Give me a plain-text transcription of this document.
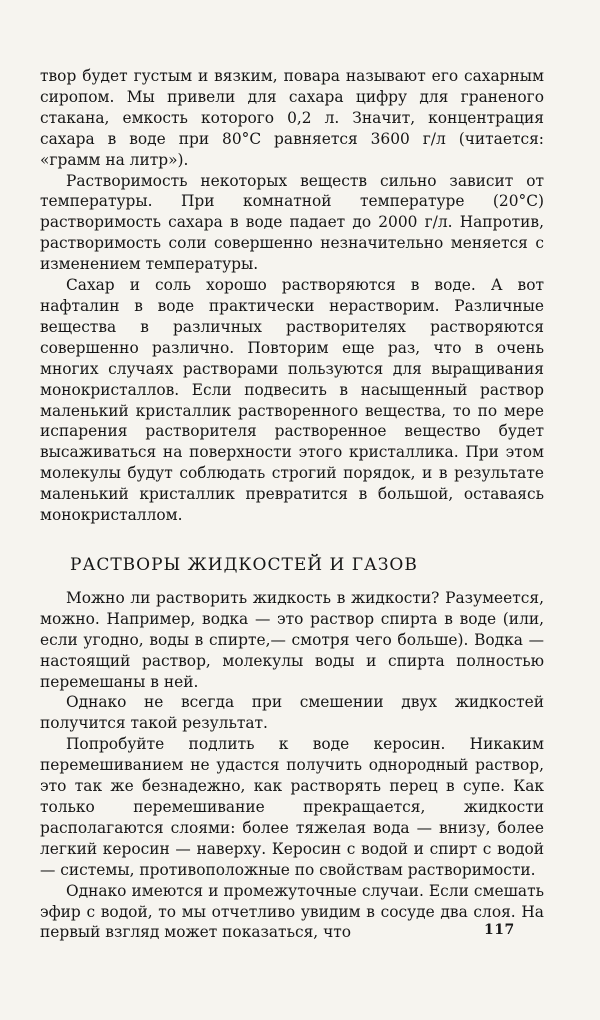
твор будет густым и вязким, повара называют его сахарным сиропом. Мы привели для сахара цифру для граненого стакана, емкость которого 0,2 л. Значит, концентрация сахара в воде при 80°C равняется 3600 г/л (читается: «грамм на литр»).

Растворимость некоторых веществ сильно зависит от температуры. При комнатной температуре (20°C) растворимость сахара в воде падает до 2000 г/л. Напротив, растворимость соли совершенно незначительно меняется с изменением температуры.

Сахар и соль хорошо растворяются в воде. А вот нафталин в воде практически нерастворим. Различные вещества в различных растворителях растворяются совершенно различно. Повторим еще раз, что в очень многих случаях растворами пользуются для выращивания монокристаллов. Если подвесить в насыщенный раствор маленький кристаллик растворенного вещества, то по мере испарения растворителя растворенное вещество будет высаживаться на поверхности этого кристаллика. При этом молекулы будут соблюдать строгий порядок, и в результате маленький кристаллик превратится в большой, оставаясь монокристаллом.

РАСТВОРЫ ЖИДКОСТЕЙ И ГАЗОВ

Можно ли растворить жидкость в жидкости? Разумеется, можно. Например, водка — это раствор спирта в воде (или, если угодно, воды в спирте,— смотря чего больше). Водка — настоящий раствор, молекулы воды и спирта полностью перемешаны в ней.

Однако не всегда при смешении двух жидкостей получится такой результат.

Попробуйте подлить к воде керосин. Никаким перемешиванием не удастся получить однородный раствор, это так же безнадежно, как растворять перец в супе. Как только перемешивание прекращается, жидкости располагаются слоями: более тяжелая вода — внизу, более легкий керосин — наверху. Керосин с водой и спирт с водой — системы, противоположные по свойствам растворимости.

Однако имеются и промежуточные случаи. Если смешать эфир с водой, то мы отчетливо увидим в сосуде два слоя. На первый взгляд может показаться, что	117
